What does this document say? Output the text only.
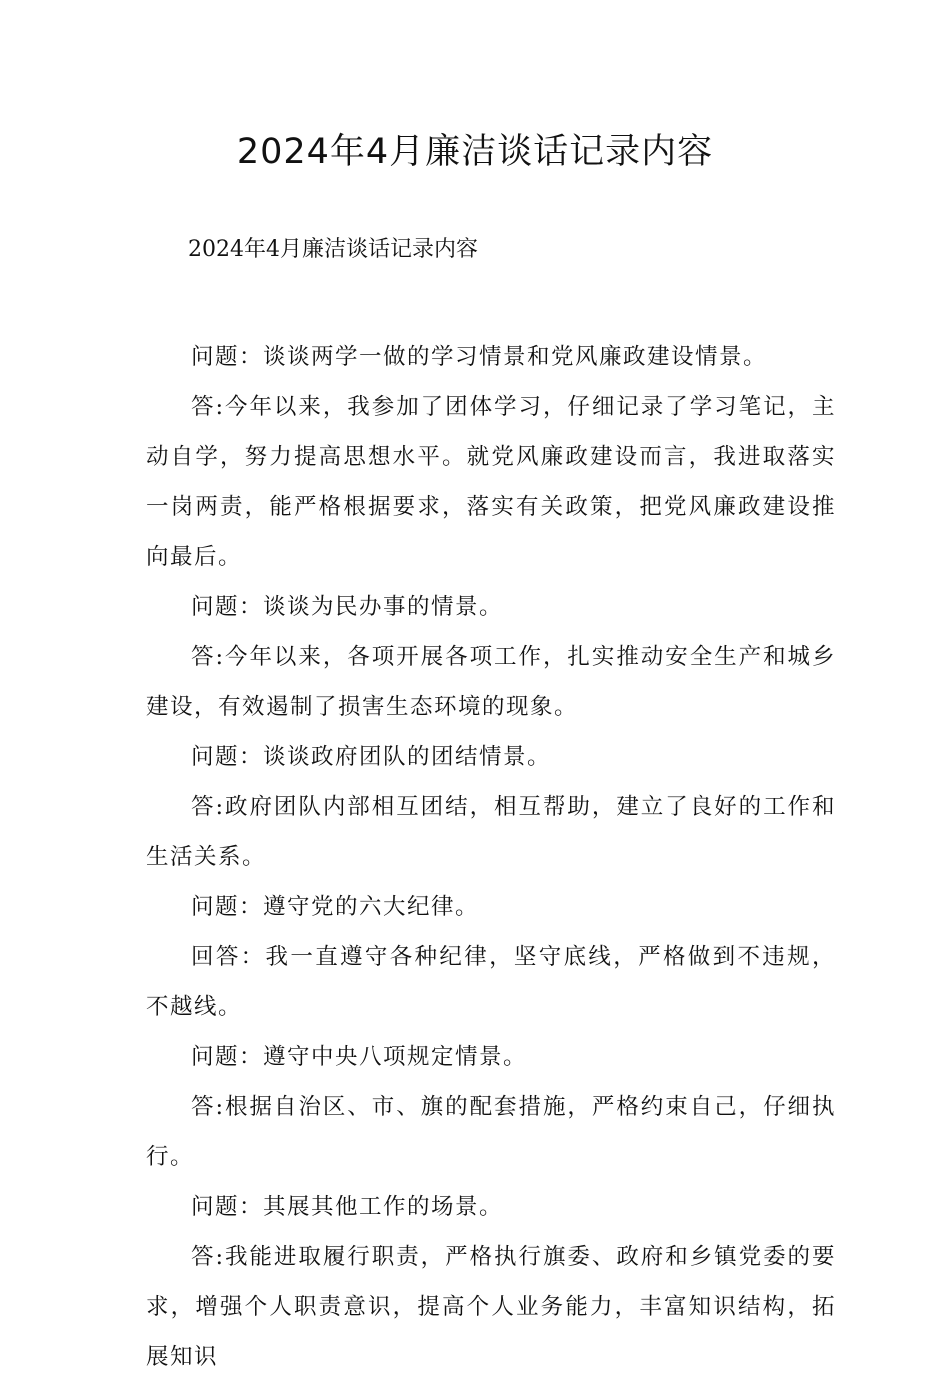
2024年4月廉洁谈话记录内容

2024年4月廉洁谈话记录内容

问题：谈谈两学一做的学习情景和党风廉政建设情景。

答:今年以来，我参加了团体学习，仔细记录了学习笔记，主动自学，努力提高思想水平。就党风廉政建设而言，我进取落实一岗两责，能严格根据要求，落实有关政策，把党风廉政建设推向最后。

问题：谈谈为民办事的情景。

答:今年以来，各项开展各项工作，扎实推动安全生产和城乡建设，有效遏制了损害生态环境的现象。

问题：谈谈政府团队的团结情景。

答:政府团队内部相互团结，相互帮助，建立了良好的工作和生活关系。

问题：遵守党的六大纪律。

回答：我一直遵守各种纪律，坚守底线，严格做到不违规，不越线。

问题：遵守中央八项规定情景。

答:根据自治区、市、旗的配套措施，严格约束自己，仔细执行。

问题：其展其他工作的场景。

答:我能进取履行职责，严格执行旗委、政府和乡镇党委的要求，增强个人职责意识，提高个人业务能力，丰富知识结构，拓展知识
